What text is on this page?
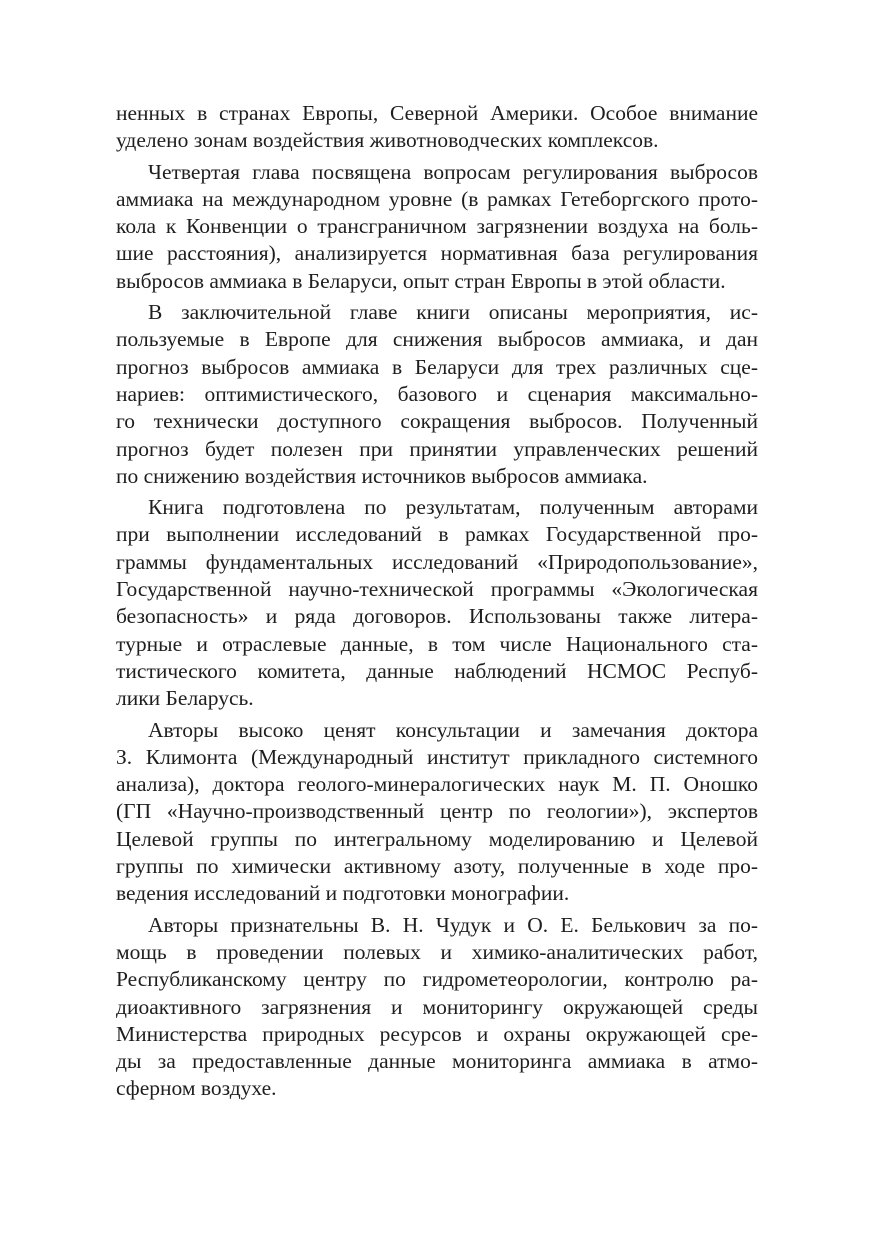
ненных в странах Европы, Северной Америки. Особое внимание
уделено зонам воздействия животноводческих комплексов.
Четвертая глава посвящена вопросам регулирования выбросов
аммиака на международном уровне (в рамках Гетеборгского прото-
кола к Конвенции о трансграничном загрязнении воздуха на боль-
шие расстояния), анализируется нормативная база регулирования
выбросов аммиака в Беларуси, опыт стран Европы в этой области.
В заключительной главе книги описаны мероприятия, ис-
пользуемые в Европе для снижения выбросов аммиака, и дан
прогноз выбросов аммиака в Беларуси для трех различных сце-
нариев: оптимистического, базового и сценария максимально-
го технически доступного сокращения выбросов. Полученный
прогноз будет полезен при принятии управленческих решений
по снижению воздействия источников выбросов аммиака.
Книга подготовлена по результатам, полученным авторами
при выполнении исследований в рамках Государственной про-
граммы фундаментальных исследований «Природопользование»,
Государственной научно-технической программы «Экологическая
безопасность» и ряда договоров. Использованы также литера-
турные и отраслевые данные, в том числе Национального ста-
тистического комитета, данные наблюдений НСМОС Респуб-
лики Беларусь.
Авторы высоко ценят консультации и замечания доктора
З. Климонта (Международный институт прикладного системного
анализа), доктора геолого-минералогических наук М. П. Оношко
(ГП «Научно-производственный центр по геологии»), экспертов
Целевой группы по интегральному моделированию и Целевой
группы по химически активному азоту, полученные в ходе про-
ведения исследований и подготовки монографии.
Авторы признательны В. Н. Чудук и О. Е. Белькович за по-
мощь в проведении полевых и химико-аналитических работ,
Республиканскому центру по гидрометеорологии, контролю ра-
диоактивного загрязнения и мониторингу окружающей среды
Министерства природных ресурсов и охраны окружающей сре-
ды за предоставленные данные мониторинга аммиака в атмо-
сферном воздухе.
